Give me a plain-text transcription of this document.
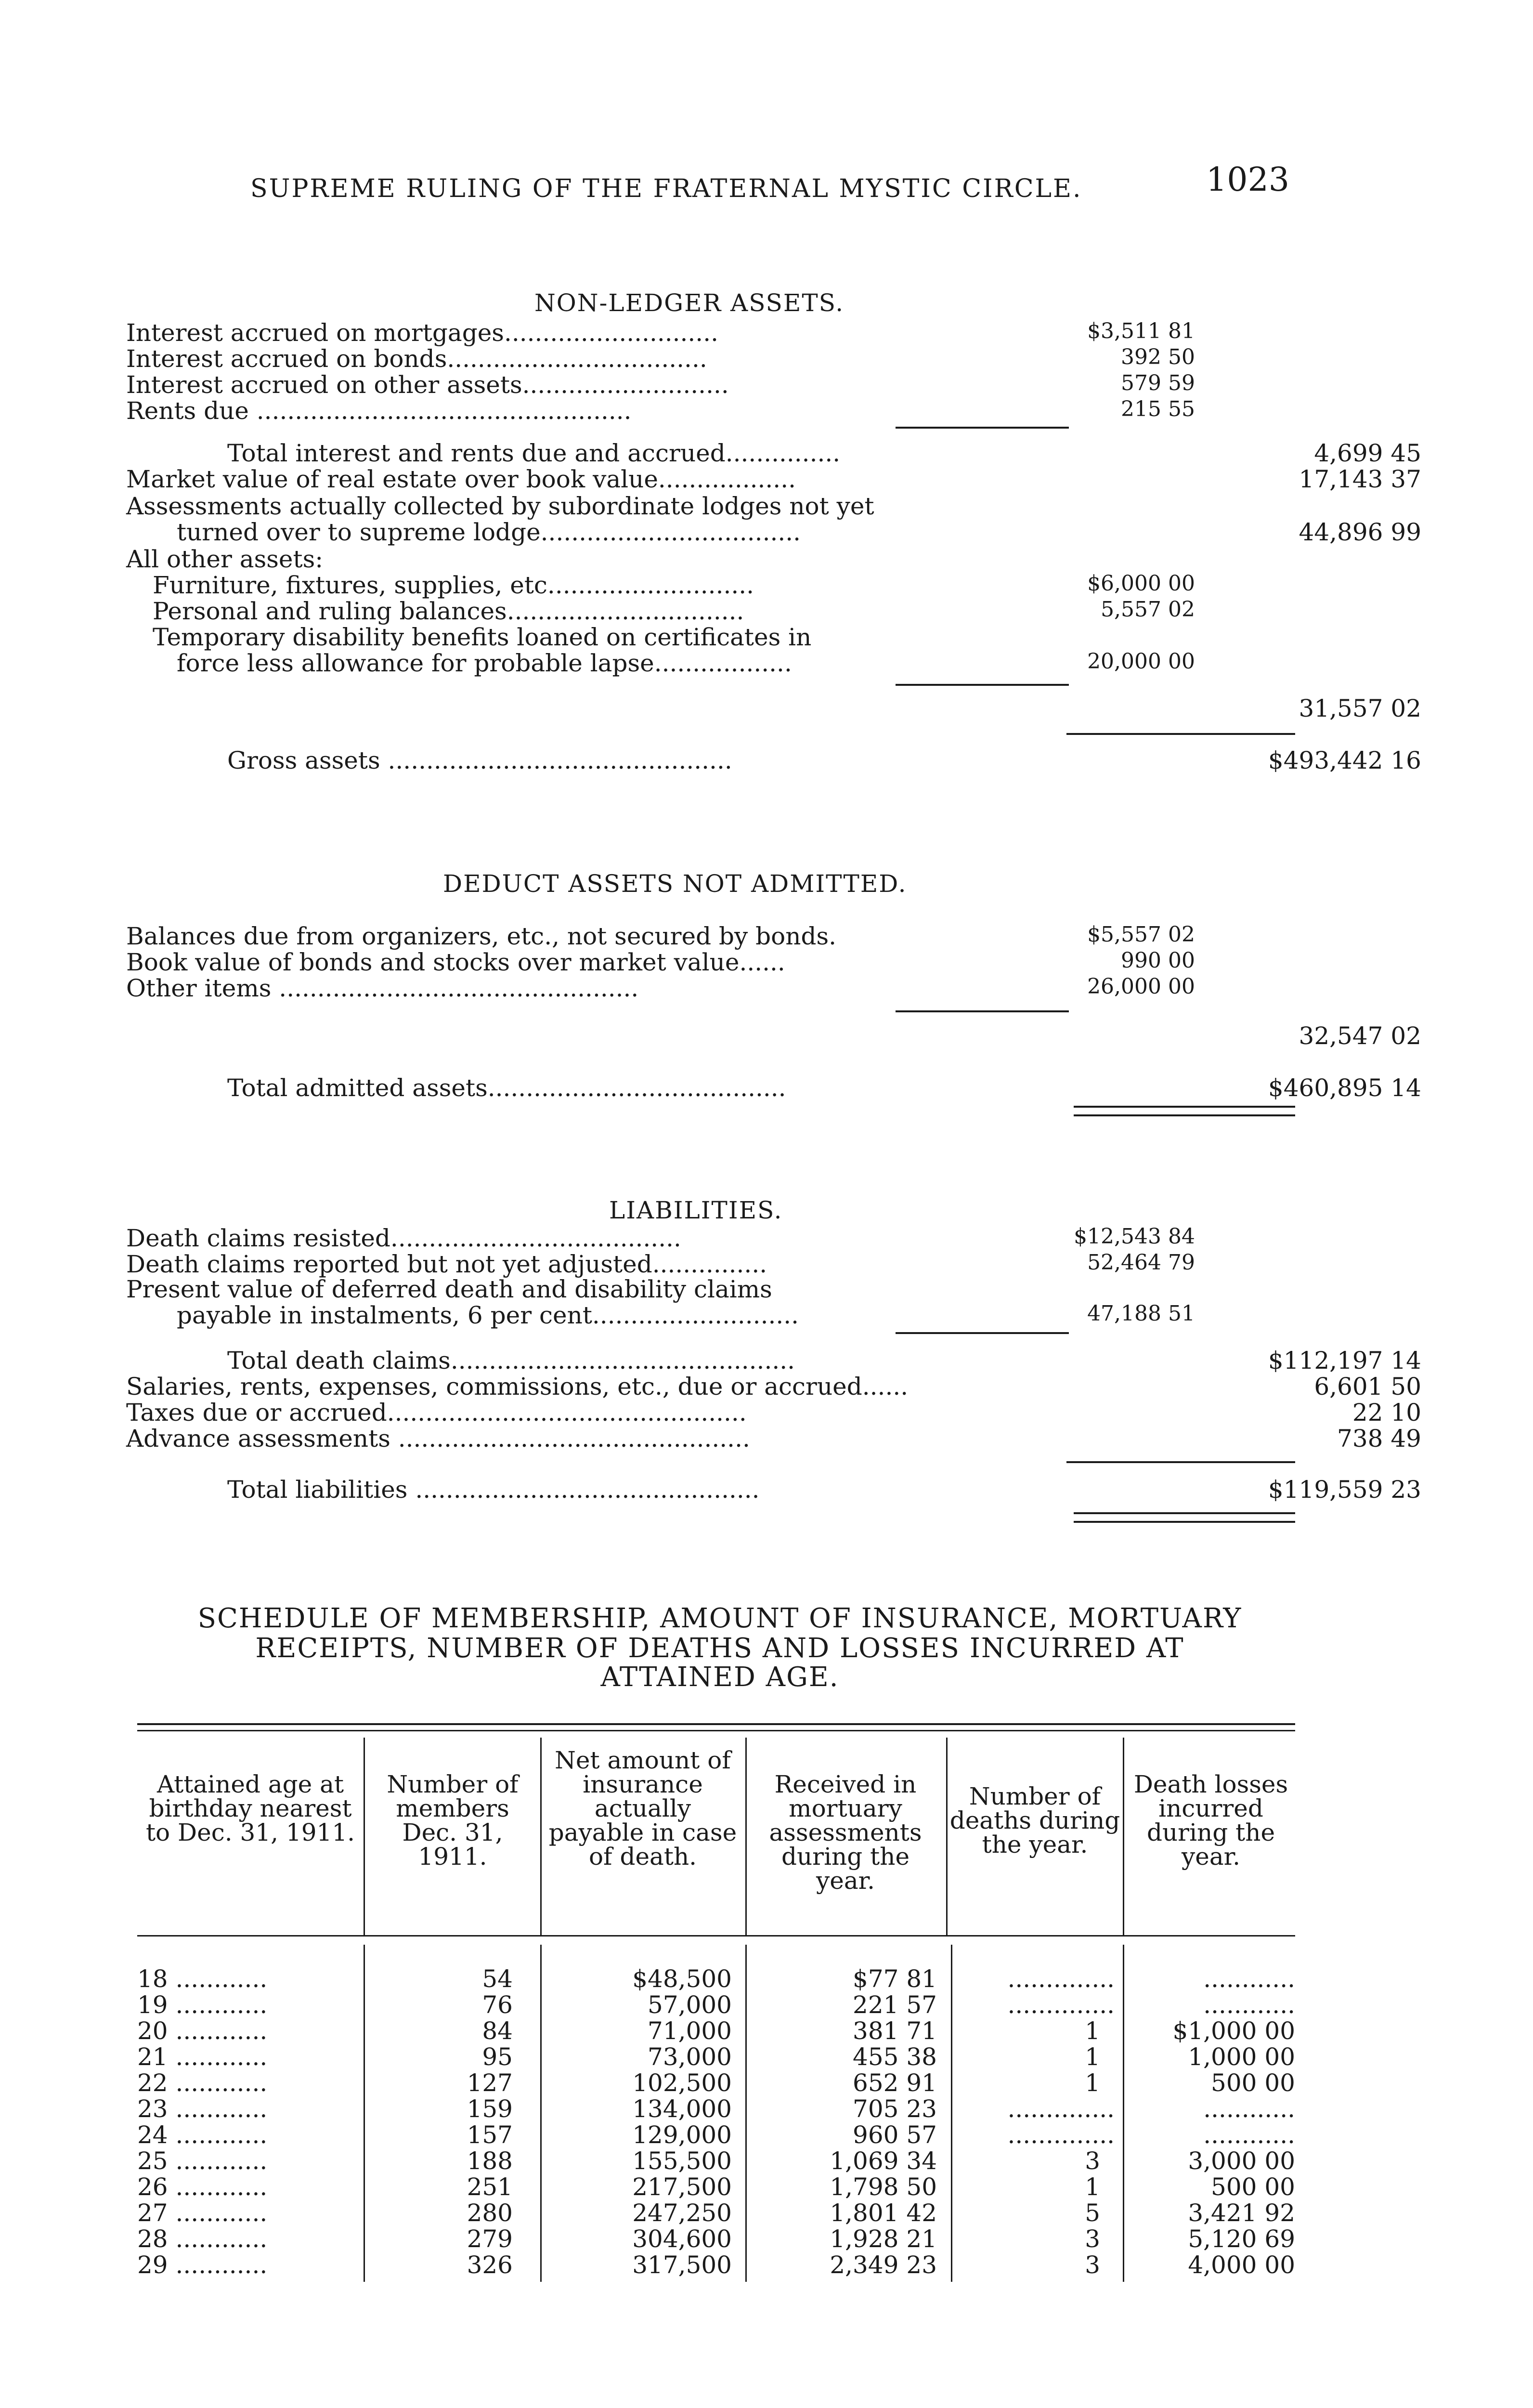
SUPREME RULING OF THE FRATERNAL MYSTIC CIRCLE.	1023
NON-LEDGER ASSETS.
Interest accrued on mortgages............................	$3,511 81
Interest accrued on bonds..................................	392 50
Interest accrued on other assets...........................	579 59
Rents due .................................................	215 55
Total interest and rents due and accrued...............	4,699 45
Market value of real estate over book value..................	17,143 37
Assessments actually collected by subordinate lodges not yet
turned over to supreme lodge..................................	44,896 99
All other assets:
Furniture, fixtures, supplies, etc...........................	$6,000 00
Personal and ruling balances...............................	5,557 02
Temporary disability benefits loaned on certificates in
force less allowance for probable lapse..................	20,000 00
31,557 02
Gross assets .............................................	$493,442 16
DEDUCT ASSETS NOT ADMITTED.
Balances due from organizers, etc., not secured by bonds.	$5,557 02
Book value of bonds and stocks over market value......	990 00
Other items ...............................................	26,000 00
32,547 02
Total admitted assets.......................................	$460,895 14
LIABILITIES.
Death claims resisted......................................	$12,543 84
Death claims reported but not yet adjusted...............	52,464 79
Present value of deferred death and disability claims
payable in instalments, 6 per cent...........................	47,188 51
Total death claims.............................................	$112,197 14
Salaries, rents, expenses, commissions, etc., due or accrued......	6,601 50
Taxes due or accrued...............................................	22 10
Advance assessments ..............................................	738 49
Total liabilities .............................................	$119,559 23
SCHEDULE OF MEMBERSHIP, AMOUNT OF INSURANCE, MORTUARY
RECEIPTS, NUMBER OF DEATHS AND LOSSES INCURRED AT
ATTAINED AGE.
Attained age at birthday nearest to Dec. 31, 1911.
Number of members Dec. 31, 1911.
Net amount of insurance actually payable in case of death.
Received in mortuary assessments during the year.
Number of deaths during the year.
Death losses incurred during the year.
18 ............	54	$48,500	$77 81	..............	............
19 ............	76	57,000	221 57	..............	............
20 ............	84	71,000	381 71	1	$1,000 00
21 ............	95	73,000	455 38	1	1,000 00
22 ............	127	102,500	652 91	1	500 00
23 ............	159	134,000	705 23	..............	............
24 ............	157	129,000	960 57	..............	............
25 ............	188	155,500	1,069 34	3	3,000 00
26 ............	251	217,500	1,798 50	1	500 00
27 ............	280	247,250	1,801 42	5	3,421 92
28 ............	279	304,600	1,928 21	3	5,120 69
29 ............	326	317,500	2,349 23	3	4,000 00
